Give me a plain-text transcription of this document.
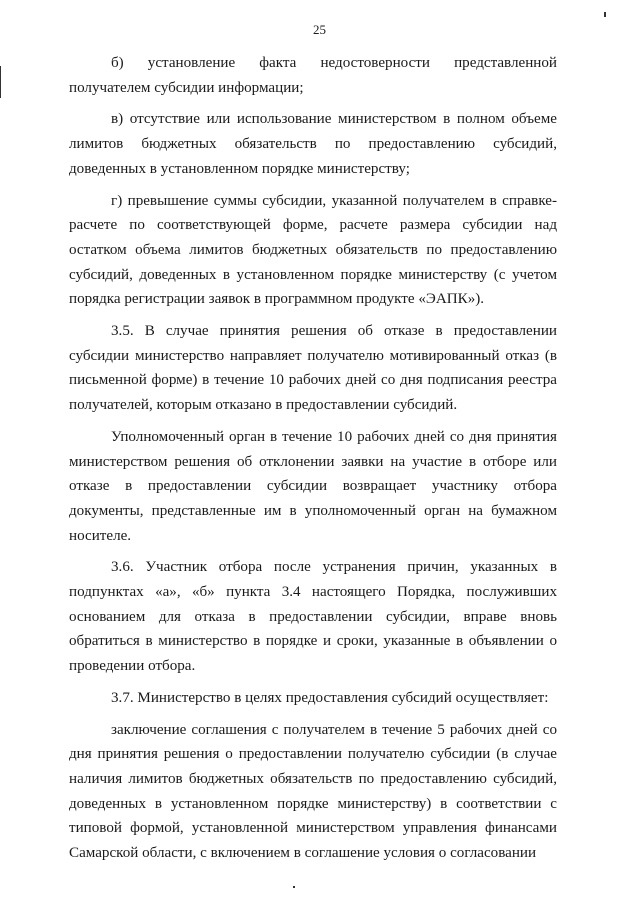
25

б) установление факта недостоверности представленной получателем субсидии информации;

в) отсутствие или использование министерством в полном объеме лимитов бюджетных обязательств по предоставлению субсидий, доведенных в установленном порядке министерству;

г) превышение суммы субсидии, указанной получателем в справке-расчете по соответствующей форме, расчете размера субсидии над остатком объема лимитов бюджетных обязательств по предоставлению субсидий, доведенных в установленном порядке министерству (с учетом порядка регистрации заявок в программном продукте «ЭАПК»).

3.5. В случае принятия решения об отказе в предоставлении субсидии министерство направляет получателю мотивированный отказ (в письменной форме) в течение 10 рабочих дней со дня подписания реестра получателей, которым отказано в предоставлении субсидий.

Уполномоченный орган в течение 10 рабочих дней со дня принятия министерством решения об отклонении заявки на участие в отборе или отказе в предоставлении субсидии возвращает участнику отбора документы, представленные им в уполномоченный орган на бумажном носителе.

3.6. Участник отбора после устранения причин, указанных в подпунктах «а», «б» пункта 3.4 настоящего Порядка, послуживших основанием для отказа в предоставлении субсидии, вправе вновь обратиться в министерство в порядке и сроки, указанные в объявлении о проведении отбора.

3.7. Министерство в целях предоставления субсидий осуществляет:

заключение соглашения с получателем в течение 5 рабочих дней со дня принятия решения о предоставлении получателю субсидии (в случае наличия лимитов бюджетных обязательств по предоставлению субсидий, доведенных в установленном порядке министерству) в соответствии с типовой формой, установленной министерством управления финансами Самарской области, с включением в соглашение условия о согласовании
